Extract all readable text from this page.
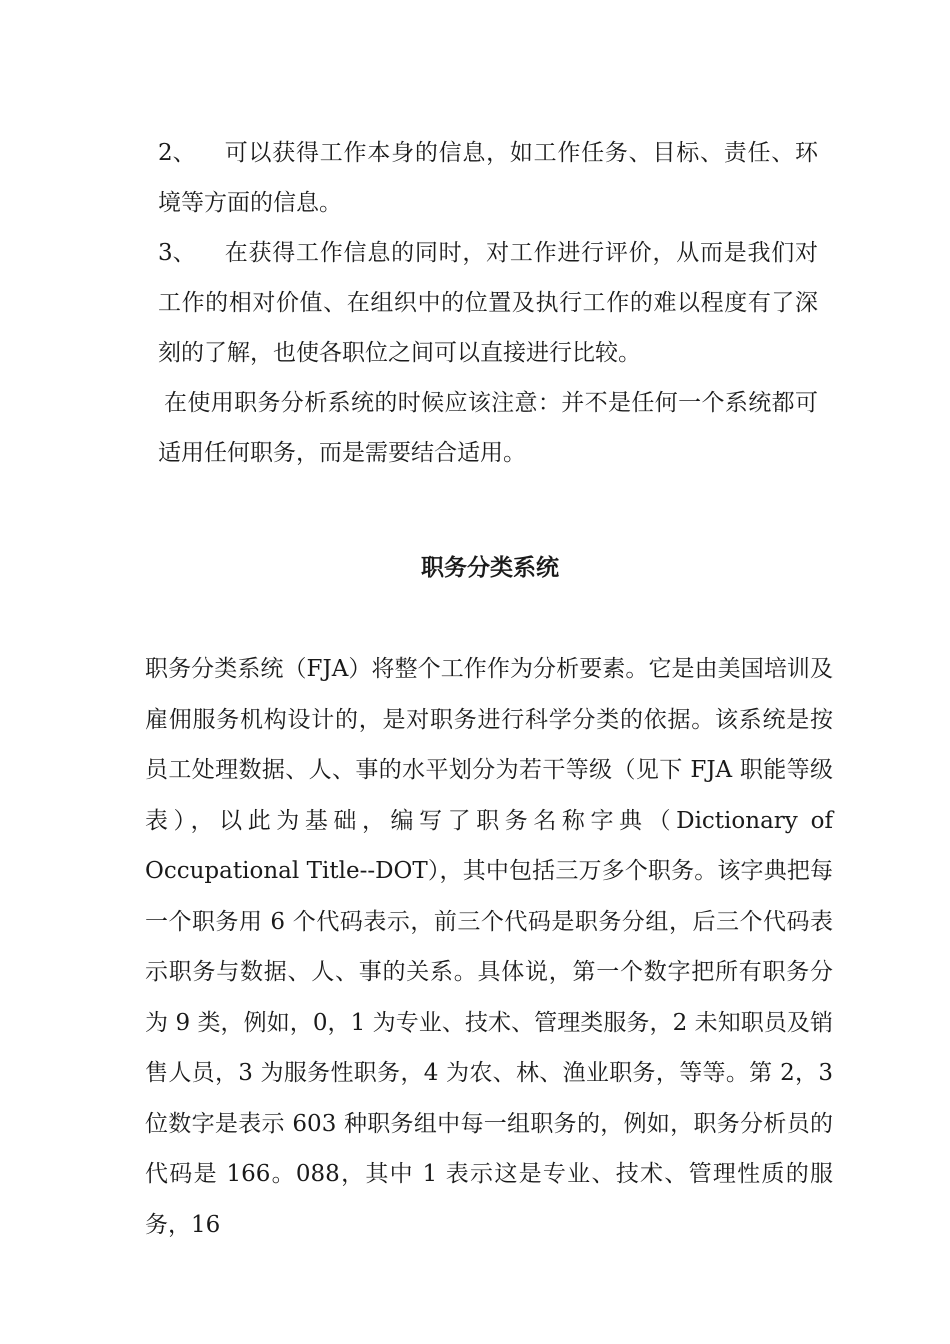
2、 可以获得工作本身的信息，如工作任务、目标、责任、环境等方面的信息。

3、 在获得工作信息的同时，对工作进行评价，从而是我们对工作的相对价值、在组织中的位置及执行工作的难以程度有了深刻的了解，也使各职位之间可以直接进行比较。

在使用职务分析系统的时候应该注意：并不是任何一个系统都可适用任何职务，而是需要结合适用。

职务分类系统

职务分类系统（FJA）将整个工作作为分析要素。它是由美国培训及雇佣服务机构设计的，是对职务进行科学分类的依据。该系统是按员工处理数据、人、事的水平划分为若干等级（见下 FJA 职能等级表），以此为基础，编写了职务名称字典（Dictionary of Occupational Title--DOT），其中包括三万多个职务。该字典把每一个职务用 6 个代码表示，前三个代码是职务分组，后三个代码表示职务与数据、人、事的关系。具体说，第一个数字把所有职务分为 9 类，例如，0，1 为专业、技术、管理类服务，2 未知职员及销售人员，3 为服务性职务，4 为农、林、渔业职务，等等。第 2，3 位数字是表示 603 种职务组中每一组职务的，例如，职务分析员的代码是 166。088，其中 1 表示这是专业、技术、管理性质的服务，16
